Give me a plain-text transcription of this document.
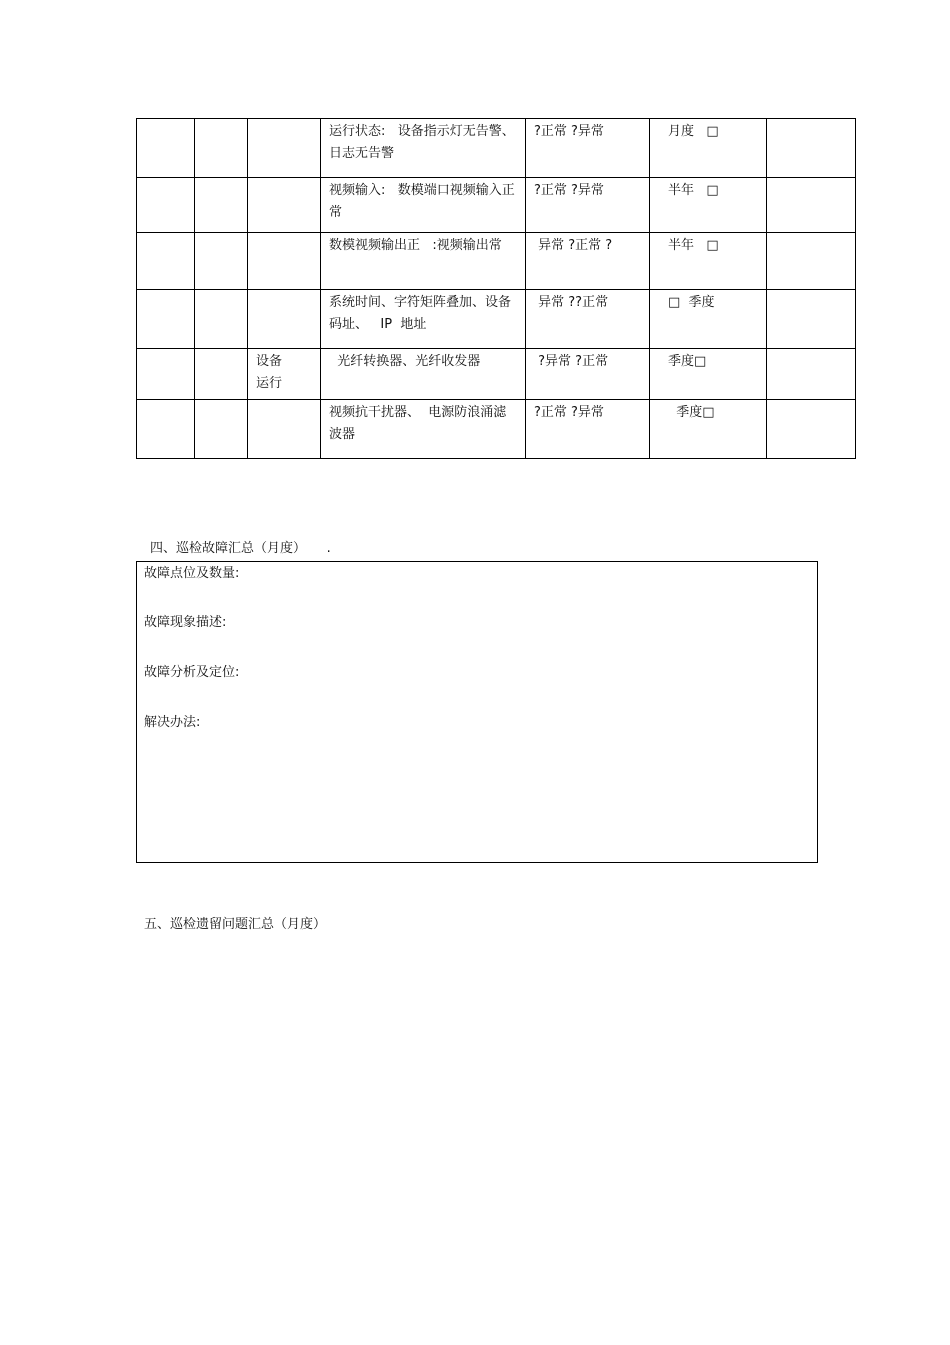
			运行状态:   设备指示灯无告警、日志无告警	?正常 ?异常	月度   □	

			视频输入:   数模端口视频输入正常	?正常 ?异常	半年   □	

			数模视频输出正   :视频输出常	异常 ?正常 ?	半年   □	

			系统时间、字符矩阵叠加、设备码址、   IP  地址	异常 ??正常	□  季度	

		设备
运行	光纤转换器、光纤收发器	?异常 ?正常	季度□	

			视频抗干扰器、  电源防浪涌滤波器	?正常 ?异常	季度□	

四、巡检故障汇总（月度）     .
故障点位及数量:
故障现象描述:
故障分析及定位:
解决办法:
五、巡检遗留问题汇总（月度）
